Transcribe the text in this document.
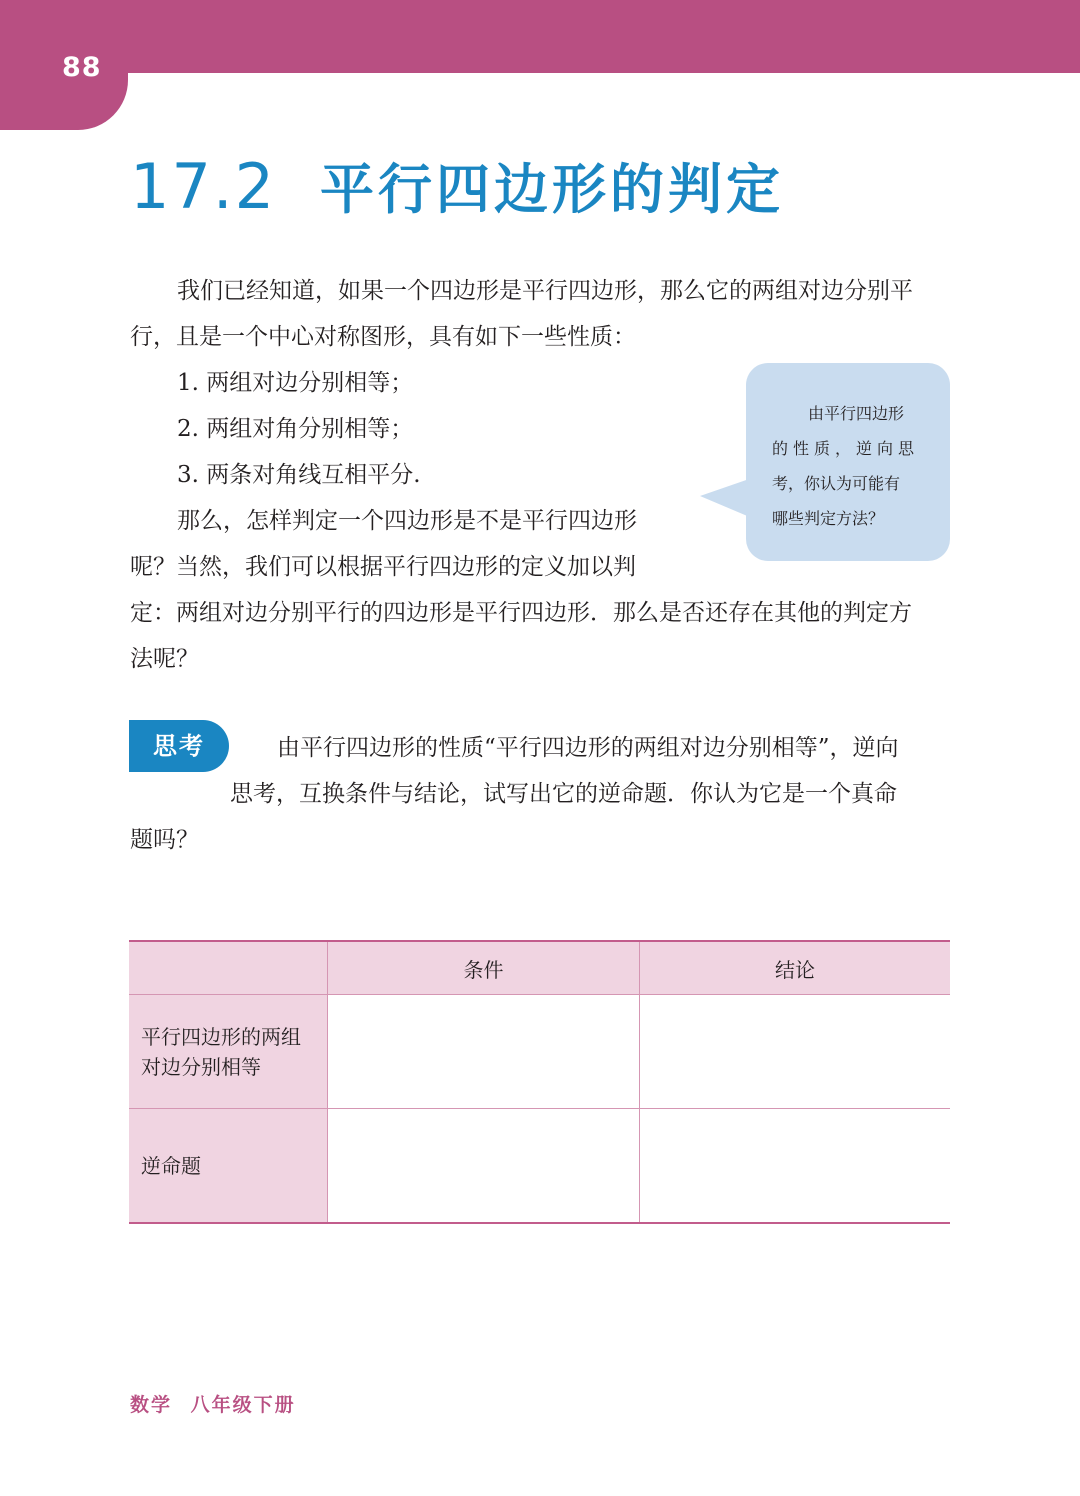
88
17.2 平行四边形的判定

我们已经知道，如果一个四边形是平行四边形，那么它的两组对边分别平

行，且是一个中心对称图形，具有如下一些性质：

1. 两组对边分别相等；

2. 两组对角分别相等；

3. 两条对角线互相平分.

那么，怎样判定一个四边形是不是平行四边形

呢？当然，我们可以根据平行四边形的定义加以判

定：两组对边分别平行的四边形是平行四边形．那么是否还存在其他的判定方

法呢？

由平行四边形
的性质，逆向思
考，你认为可能有
哪些判定方法？
思考	由平行四边形的性质“平行四边形的两组对边分别相等”，逆向

思考，互换条件与结论，试写出它的逆命题．你认为它是一个真命

题吗？

	条件	结论

平行四边形的两组
对边分别相等		

逆命题		

数学 八年级下册
